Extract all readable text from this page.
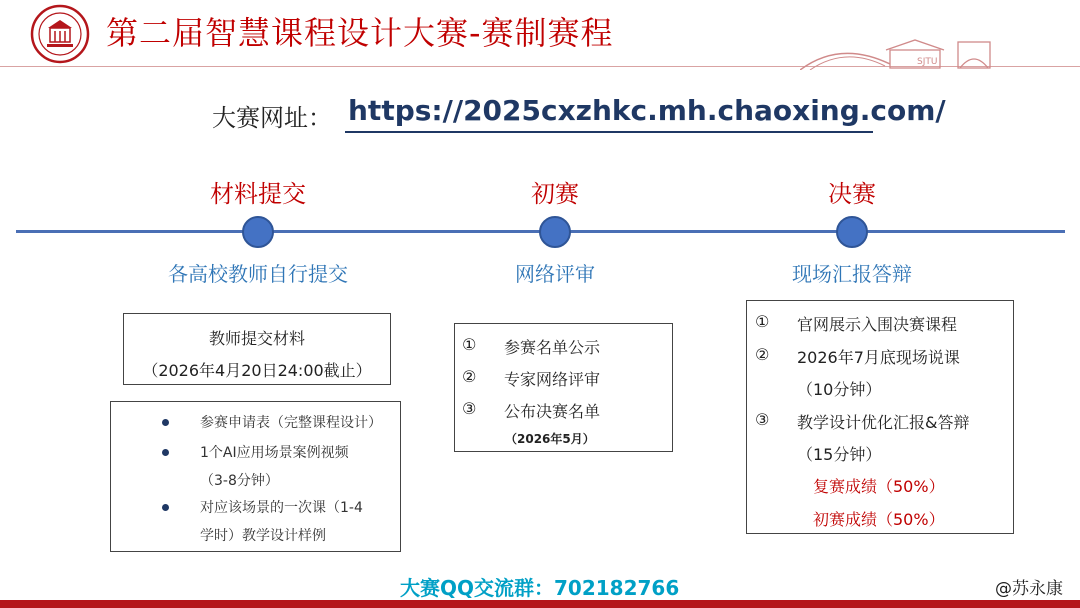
第二届智慧课程设计大赛-赛制赛程
SJTU
大赛网址： https://2025cxzhkc.mh.chaoxing.com/
材料提交
各高校教师自行提交
初赛
网络评审
决赛
现场汇报答辩
教师提交材料
（2026年4月20日24:00截止）
参赛申请表（完整课程设计）
1个AI应用场景案例视频
（3-8分钟）
对应该场景的一次课（1-4
学时）教学设计样例
① 参赛名单公示
② 专家网络评审
③ 公布决赛名单
（2026年5月）
① 官网展示入围决赛课程
② 2026年7月底现场说课
（10分钟）
③ 教学设计优化汇报&答辩
（15分钟）
复赛成绩（50%）
初赛成绩（50%）
大赛QQ交流群：702182766	@苏永康
